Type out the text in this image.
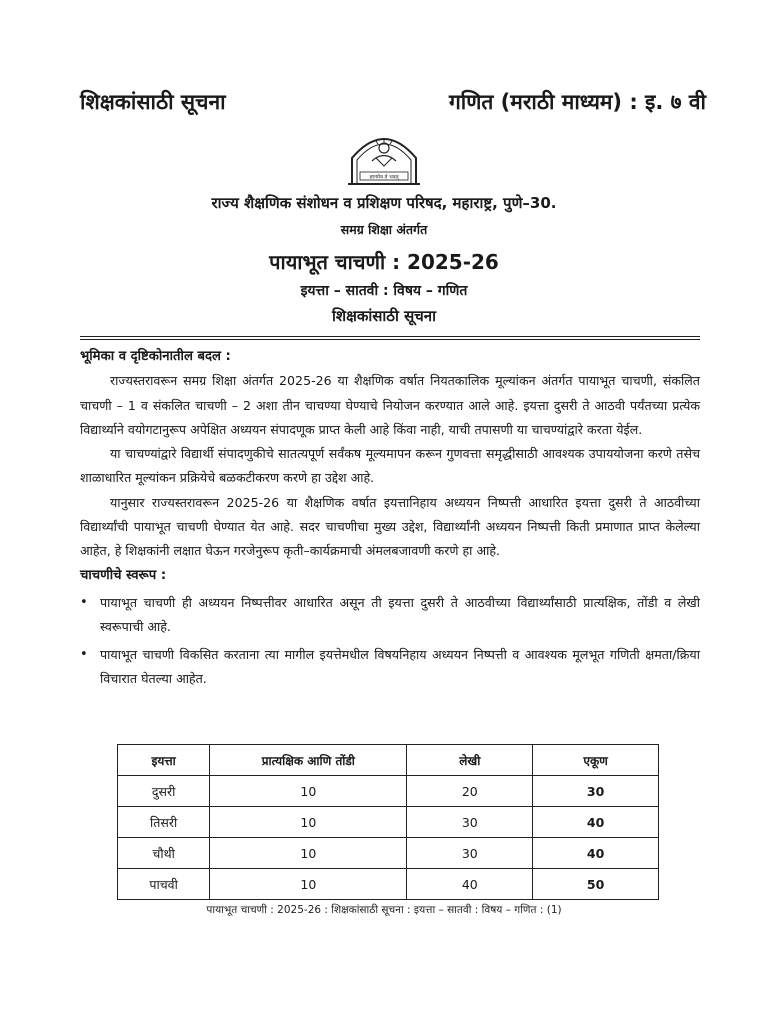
शिक्षकांसाठी सूचना	गणित (मराठी माध्यम) : इ. ७ वी
ज्ञानमेव ते भवत्
राज्य शैक्षणिक संशोधन व प्रशिक्षण परिषद, महाराष्ट्र, पुणे–30.
समग्र शिक्षा अंतर्गत
पायाभूत चाचणी : 2025-26
इयत्ता – सातवी : विषय – गणित
शिक्षकांसाठी सूचना

भूमिका व दृष्टिकोनातील बदल :

राज्यस्तरावरून समग्र शिक्षा अंतर्गत 2025-26 या शैक्षणिक वर्षात नियतकालिक मूल्यांकन अंतर्गत पायाभूत चाचणी, संकलित चाचणी – 1 व संकलित चाचणी – 2 अशा तीन चाचण्या घेण्याचे नियोजन करण्यात आले आहे. इयत्ता दुसरी ते आठवी पर्यंतच्या प्रत्येक विद्यार्थ्याने वयोगटानुरूप अपेक्षित अध्ययन संपादणूक प्राप्त केली आहे किंवा नाही, याची तपासणी या चाचण्यांद्वारे करता येईल.

या चाचण्यांद्वारे विद्यार्थी संपादणुकीचे सातत्यपूर्ण सर्वंकष मूल्यमापन करून गुणवत्ता समृद्धीसाठी आवश्यक उपाययोजना करणे तसेच शाळाधारित मूल्यांकन प्रक्रियेचे बळकटीकरण करणे हा उद्देश आहे.

यानुसार राज्यस्तरावरून 2025-26 या शैक्षणिक वर्षात इयत्तानिहाय अध्ययन निष्पत्ती आधारित इयत्ता दुसरी ते आठवीच्या विद्यार्थ्यांची पायाभूत चाचणी घेण्यात येत आहे. सदर चाचणीचा मुख्य उद्देश, विद्यार्थ्यांनी अध्ययन निष्पत्ती किती प्रमाणात प्राप्त केलेल्या आहेत, हे शिक्षकांनी लक्षात घेऊन गरजेनुरूप कृती–कार्यक्रमाची अंमलबजावणी करणे हा आहे.

चाचणीचे स्वरूप :

• पायाभूत चाचणी ही अध्ययन निष्पत्तीवर आधारित असून ती इयत्ता दुसरी ते आठवीच्या विद्यार्थ्यांसाठी प्रात्यक्षिक, तोंडी व लेखी स्वरूपाची आहे.
• पायाभूत चाचणी विकसित करताना त्या मागील इयत्तेमधील विषयनिहाय अध्ययन निष्पत्ती व आवश्यक मूलभूत गणिती क्षमता/क्रिया विचारात घेतल्या आहेत.
इयत्ता	प्रात्यक्षिक आणि तोंडी	लेखी	एकूण
दुसरी	10	20	30
तिसरी	10	30	40
चौथी	10	30	40
पाचवी	10	40	50
पायाभूत चाचणी : 2025-26 : शिक्षकांसाठी सूचना : इयत्ता – सातवी : विषय – गणित : (1)
